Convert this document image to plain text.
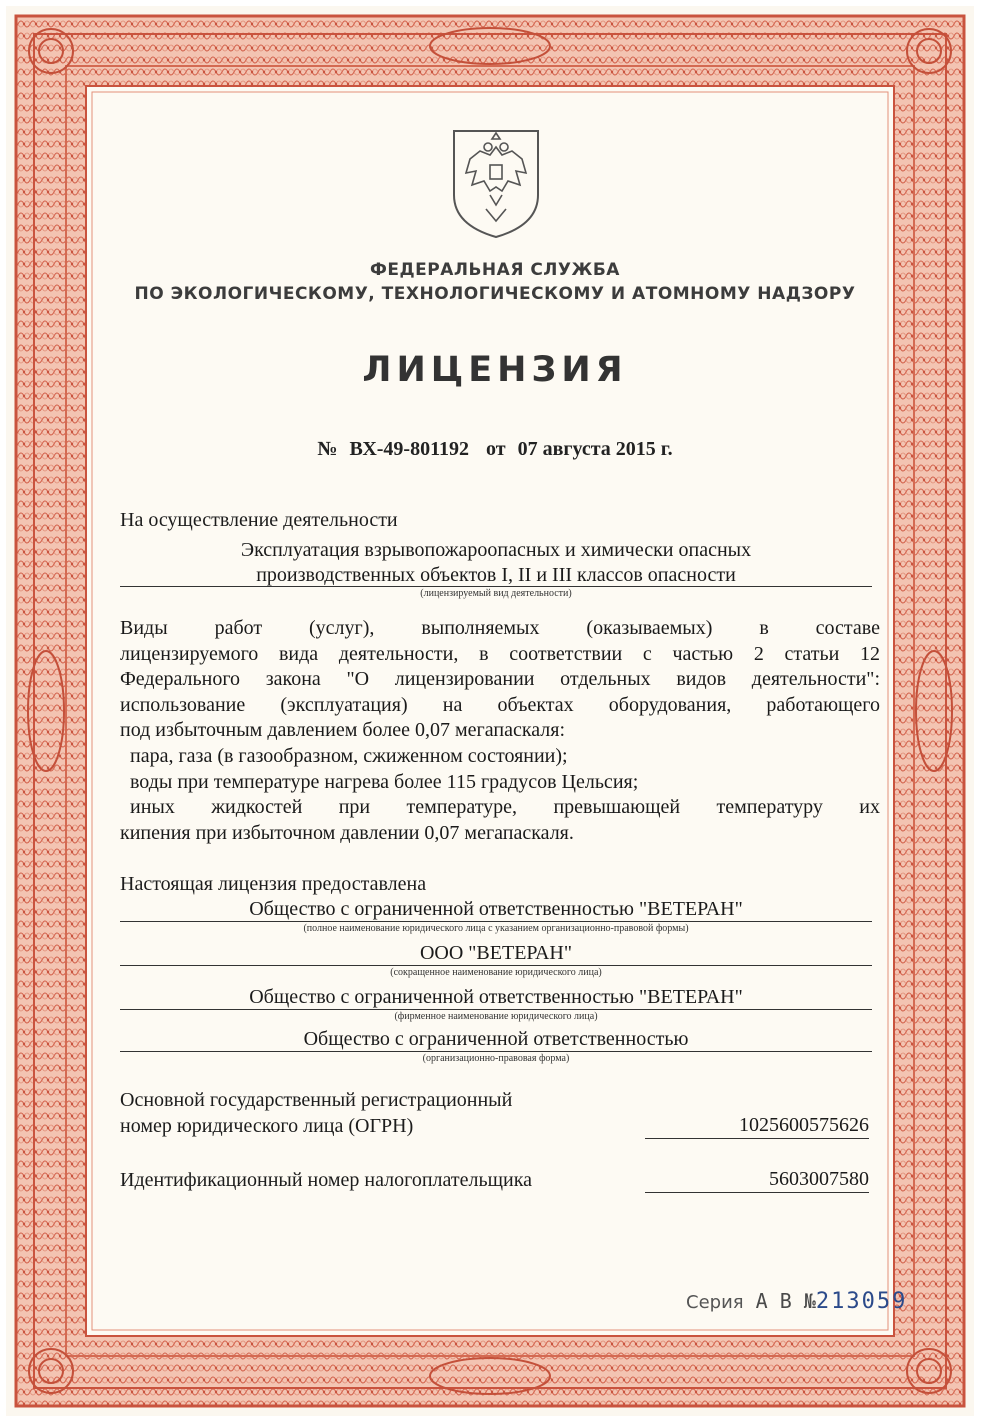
ФЕДЕРАЛЬНАЯ СЛУЖБА
ПО ЭКОЛОГИЧЕСКОМУ, ТЕХНОЛОГИЧЕСКОМУ И АТОМНОМУ НАДЗОРУ
ЛИЦЕНЗИЯ
№ ВХ-49-801192 от 07 августа 2015 г.
На осуществление деятельности
Эксплуатация взрывопожароопасных и химически опасных
производственных объектов I, II и III классов опасности
(лицензируемый вид деятельности)

Виды работ (услуг), выполняемых (оказываемых) в составе

лицензируемого вида деятельности, в соответствии с частью 2 статьи 12

Федерального закона "О лицензировании отдельных видов деятельности":

использование (эксплуатация) на объектах оборудования, работающего

под избыточным давлением более 0,07 мегапаскаля:

пара, газа (в газообразном, сжиженном состоянии);

воды при температуре нагрева более 115 градусов Цельсия;

иных жидкостей при температуре, превышающей температуру их

кипения при избыточном давлении 0,07 мегапаскаля.

Настоящая лицензия предоставлена
Общество с ограниченной ответственностью "ВЕТЕРАН"
(полное наименование юридического лица с указанием организационно-правовой формы)
ООО "ВЕТЕРАН"
(сокращенное наименование юридического лица)
Общество с ограниченной ответственностью "ВЕТЕРАН"
(фирменное наименование юридического лица)
Общество с ограниченной ответственностью
(организационно-правовая форма)
Основной государственный регистрационный
номер юридического лица (ОГРН)	1025600575626
Идентификационный номер налогоплательщика	5603007580
Серия А В №213059
